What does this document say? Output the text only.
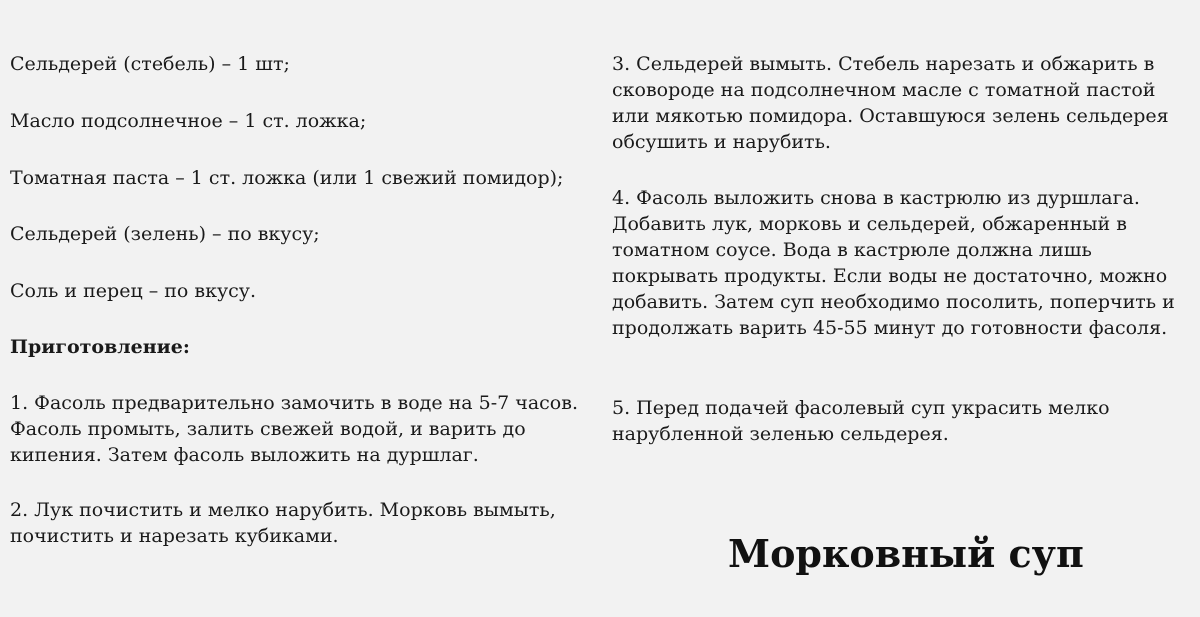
Сельдерей (стебель) – 1 шт;

Масло подсолнечное – 1 ст. ложка;

Томатная паста – 1 ст. ложка (или 1 свежий помидор);

Сельдерей (зелень) – по вкусу;

Соль и перец – по вкусу.

Приготовление:

1. Фасоль предварительно замочить в воде на 5-7 часов. Фасоль промыть, залить свежей водой, и варить до кипения. Затем фасоль выложить на дуршлаг.

2. Лук почистить и мелко нарубить. Морковь вымыть, почистить и нарезать кубиками.

3. Сельдерей вымыть. Стебель нарезать и обжарить в сковороде на подсолнечном масле с томатной пастой или мякотью помидора. Оставшуюся зелень сельдерея обсушить и нарубить.

4. Фасоль выложить снова в кастрюлю из дуршлага. Добавить лук, морковь и сельдерей, обжаренный в томатном соусе. Вода в кастрюле должна лишь покрывать продукты. Если воды не достаточно, можно добавить. Затем суп необходимо посолить, поперчить и продолжать варить 45-55 минут до готовности фасоля.

5. Перед подачей фасолевый суп украсить мелко нарубленной зеленью сельдерея.

Морковный суп
